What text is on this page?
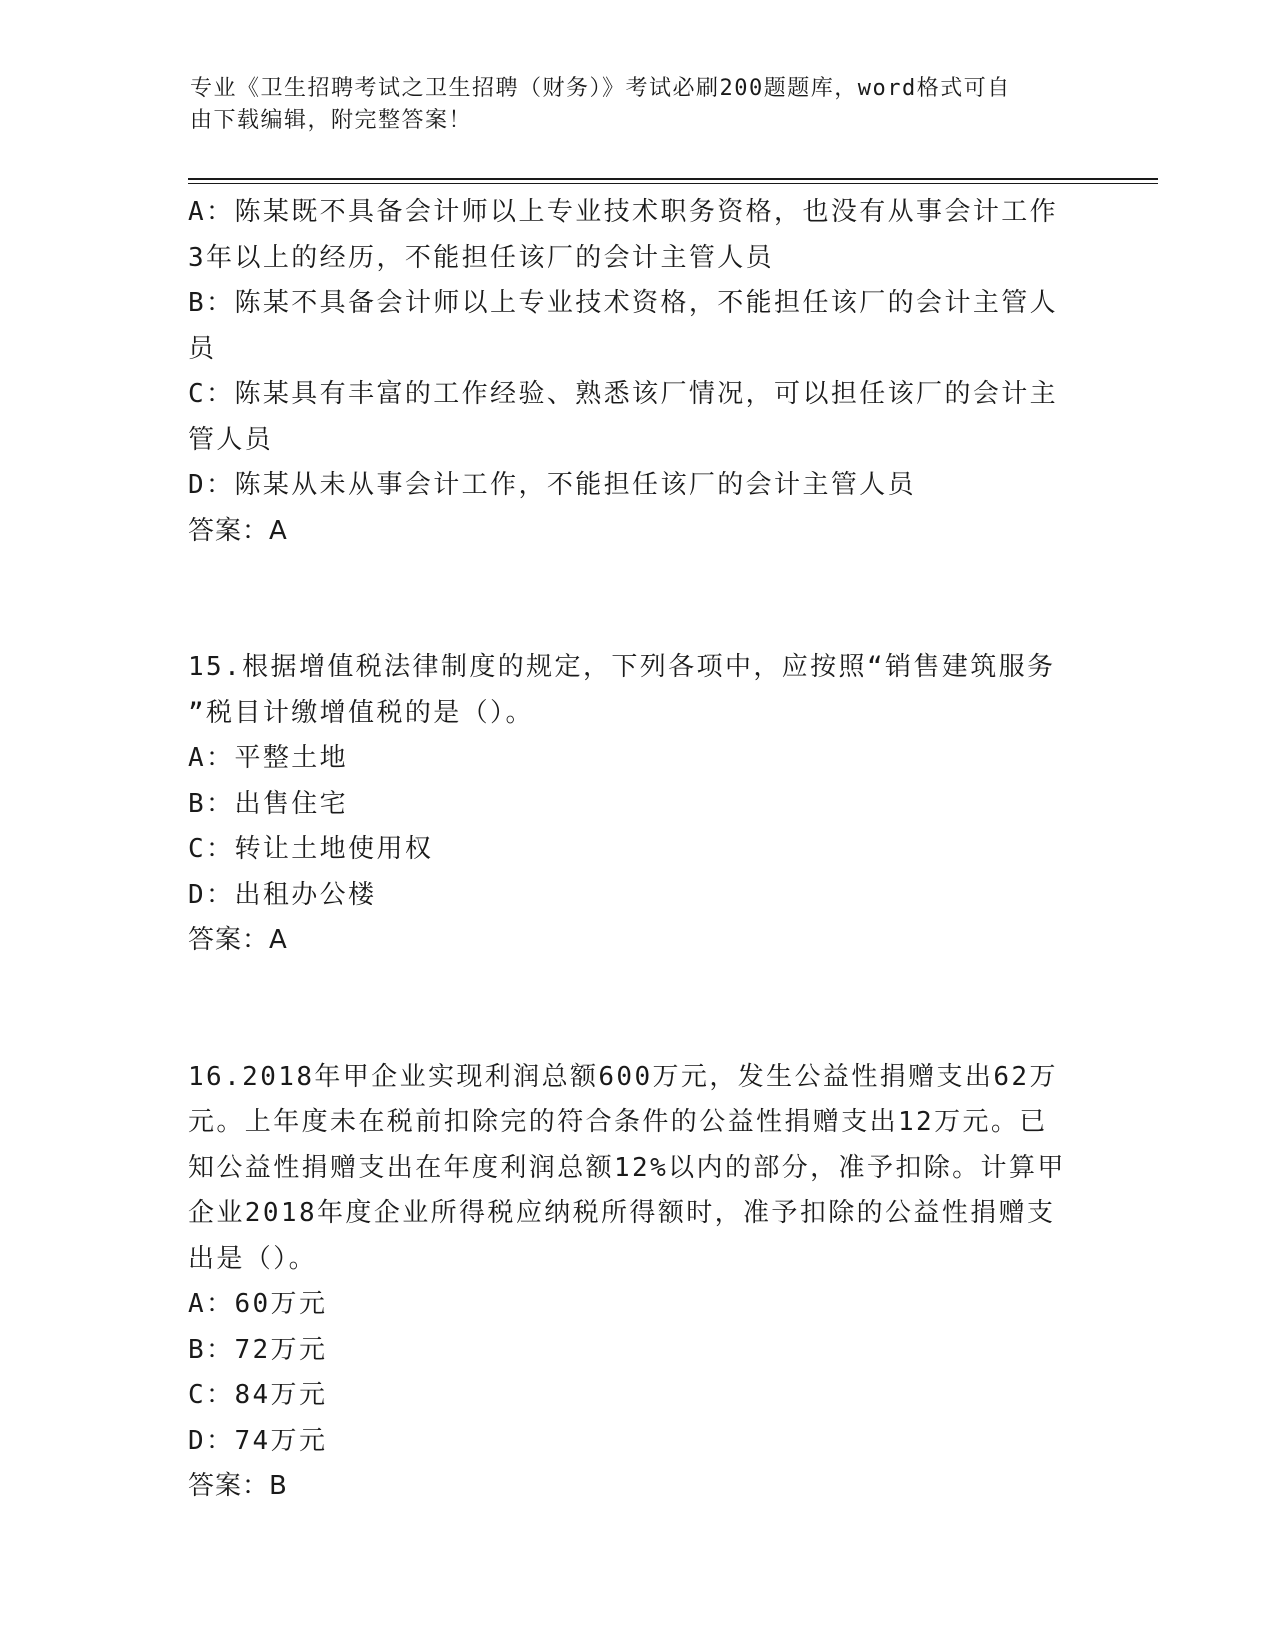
专业《卫生招聘考试之卫生招聘（财务）》考试必刷200题题库，word格式可自
由下载编辑，附完整答案！
A：陈某既不具备会计师以上专业技术职务资格，也没有从事会计工作
3年以上的经历，不能担任该厂的会计主管人员
B：陈某不具备会计师以上专业技术资格，不能担任该厂的会计主管人
员
C：陈某具有丰富的工作经验、熟悉该厂情况，可以担任该厂的会计主
管人员
D：陈某从未从事会计工作，不能担任该厂的会计主管人员
答案：A
15.根据增值税法律制度的规定，下列各项中，应按照“销售建筑服务
”税目计缴增值税的是（）。
A：平整土地
B：出售住宅
C：转让土地使用权
D：出租办公楼
答案：A
16.2018年甲企业实现利润总额600万元，发生公益性捐赠支出62万
元。上年度未在税前扣除完的符合条件的公益性捐赠支出12万元。已
知公益性捐赠支出在年度利润总额12%以内的部分，准予扣除。计算甲
企业2018年度企业所得税应纳税所得额时，准予扣除的公益性捐赠支
出是（）。
A：60万元
B：72万元
C：84万元
D：74万元
答案：B
